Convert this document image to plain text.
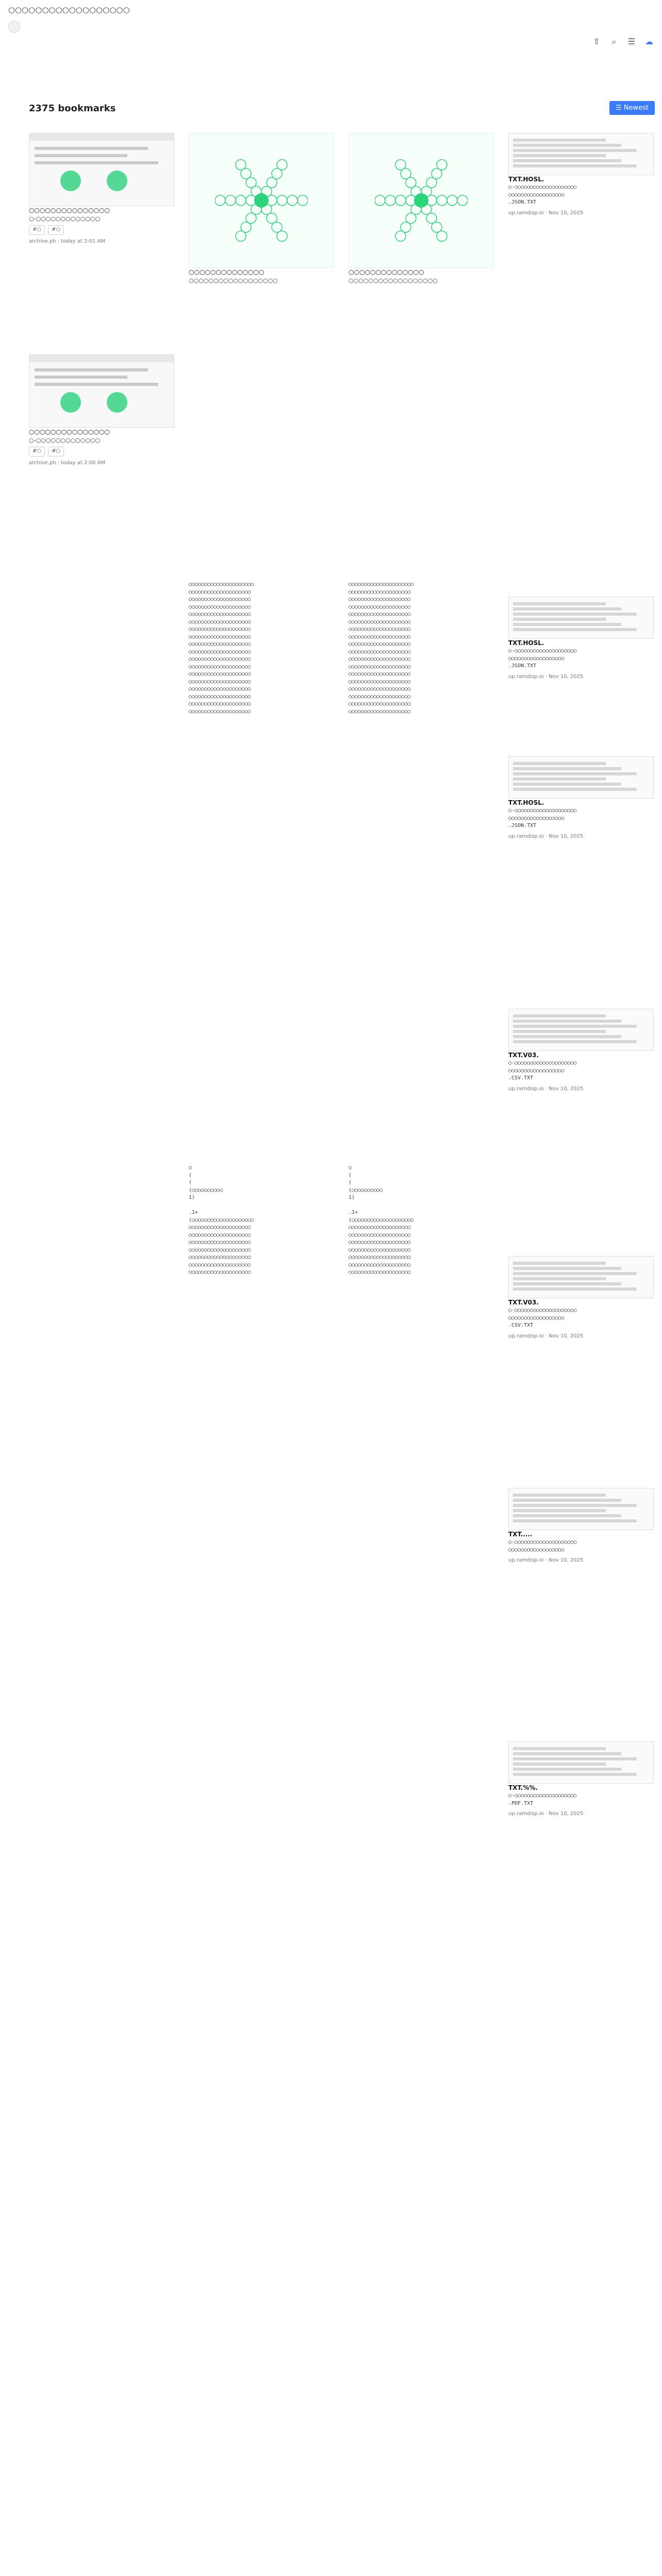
○○○○○○○○○○○○○○○○○○
⇪	⌕	☰ ☁
2375 bookmarks	☰ Newest
○○○○○○○○○○○○○○○
○-○○○○○○○○○○○○○
#○ #○
archive.ph · today at 2:01 AM
○○○○○○○○○○○○○○○
○-○○○○○○○○○○○○○
#○ #○
archive.ph · today at 2:00 AM
○○○○○○○○○○○○○○
○○○○○○○○○○○○○○○○○○
○○○○○○○○○○○○○○
○○○○○○○○○○○○○○○○○○
TXT.HOSL.
○-○○○○○○○○○○○○○○○○○○○○
○○○○○○○○○○○○○○○○○○
.JSON.TXT
up.ramdisp.io · Nov 10, 2025
TXT.HOSL.
○-○○○○○○○○○○○○○○○○○○○○
○○○○○○○○○○○○○○○○○○
.JSON.TXT
up.ramdisp.io · Nov 10, 2025
TXT.HOSL.
○-○○○○○○○○○○○○○○○○○○○○
○○○○○○○○○○○○○○○○○○
.JSON.TXT
up.ramdisp.io · Nov 10, 2025
TXT.V03.
○-○○○○○○○○○○○○○○○○○○○○
○○○○○○○○○○○○○○○○○○
.CSV.TXT
up.ramdisp.io · Nov 10, 2025
TXT.V03.
○-○○○○○○○○○○○○○○○○○○○○
○○○○○○○○○○○○○○○○○○
.CSV.TXT
up.ramdisp.io · Nov 10, 2025
TXT.....
○-○○○○○○○○○○○○○○○○○○○○
○○○○○○○○○○○○○○○○○○
up.ramdisp.io · Nov 10, 2025
TXT.%%.
○-○○○○○○○○○○○○○○○○○○○○
.PDF.TXT
up.ramdisp.io · Nov 10, 2025
○○○○○○○○○○○○○○○○○○○○○
○○○○○○○○○○○○○○○○○○○○
○○○○○○○○○○○○○○○○○○○○
○○○○○○○○○○○○○○○○○○○○
○○○○○○○○○○○○○○○○○○○○
○○○○○○○○○○○○○○○○○○○○
○○○○○○○○○○○○○○○○○○○○
○○○○○○○○○○○○○○○○○○○○
○○○○○○○○○○○○○○○○○○○○
○○○○○○○○○○○○○○○○○○○○
○○○○○○○○○○○○○○○○○○○○
○○○○○○○○○○○○○○○○○○○○
○○○○○○○○○○○○○○○○○○○○
○○○○○○○○○○○○○○○○○○○○
○○○○○○○○○○○○○○○○○○○○
○○○○○○○○○○○○○○○○○○○○
○○○○○○○○○○○○○○○○○○○○
○○○○○○○○○○○○○○○○○○○○
○○○○○○○○○○○○○○○○○○○○○
○○○○○○○○○○○○○○○○○○○○
○○○○○○○○○○○○○○○○○○○○
○○○○○○○○○○○○○○○○○○○○
○○○○○○○○○○○○○○○○○○○○
○○○○○○○○○○○○○○○○○○○○
○○○○○○○○○○○○○○○○○○○○
○○○○○○○○○○○○○○○○○○○○
○○○○○○○○○○○○○○○○○○○○
○○○○○○○○○○○○○○○○○○○○
○○○○○○○○○○○○○○○○○○○○
○○○○○○○○○○○○○○○○○○○○
○○○○○○○○○○○○○○○○○○○○
○○○○○○○○○○○○○○○○○○○○
○○○○○○○○○○○○○○○○○○○○
○○○○○○○○○○○○○○○○○○○○
○○○○○○○○○○○○○○○○○○○○
○○○○○○○○○○○○○○○○○○○○
○
(
(
(○○○○○○○○○○
1)

.1+
(○○○○○○○○○○○○○○○○○○○○
○○○○○○○○○○○○○○○○○○○○
○○○○○○○○○○○○○○○○○○○○
○○○○○○○○○○○○○○○○○○○○
○○○○○○○○○○○○○○○○○○○○
○○○○○○○○○○○○○○○○○○○○
○○○○○○○○○○○○○○○○○○○○
○○○○○○○○○○○○○○○○○○○○
○
(
(
(○○○○○○○○○○
1)

.1+
(○○○○○○○○○○○○○○○○○○○○
○○○○○○○○○○○○○○○○○○○○
○○○○○○○○○○○○○○○○○○○○
○○○○○○○○○○○○○○○○○○○○
○○○○○○○○○○○○○○○○○○○○
○○○○○○○○○○○○○○○○○○○○
○○○○○○○○○○○○○○○○○○○○
○○○○○○○○○○○○○○○○○○○○
